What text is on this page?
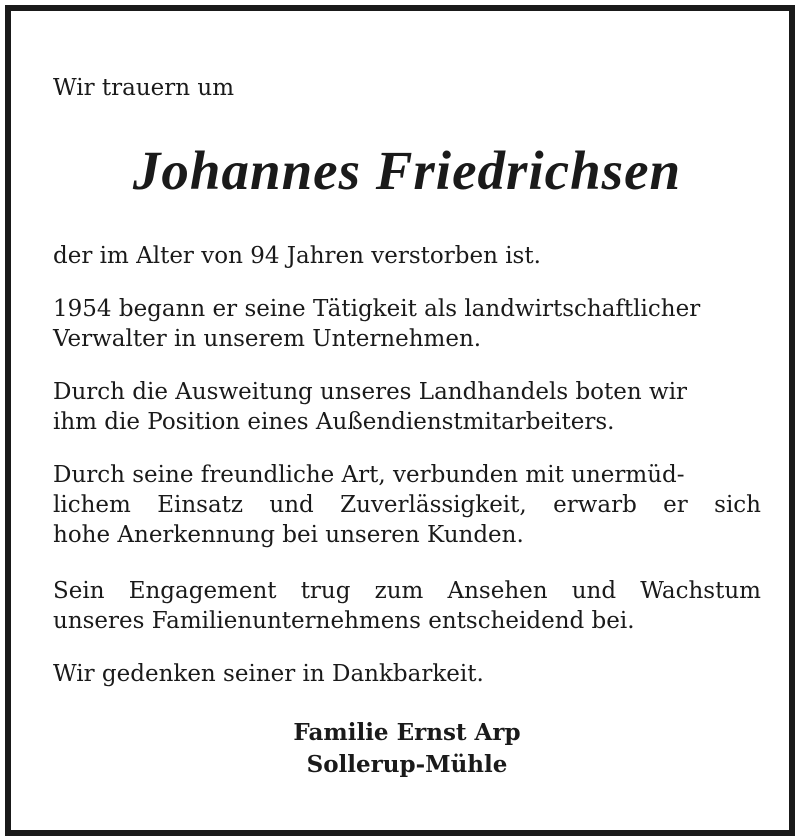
Wir trauern um

Johannes Friedrichsen

der im Alter von 94 Jahren verstorben ist.

1954 begann er seine Tätigkeit als landwirtschaftlicher
Verwalter in unserem Unternehmen.

Durch die Ausweitung unseres Landhandels boten wir
ihm die Position eines Außendienstmitarbeiters.

Durch seine freundliche Art, verbunden mit unermüd-
lichem Einsatz und Zuverlässigkeit, erwarb er sich
hohe Anerkennung bei unseren Kunden.

Sein Engagement trug zum Ansehen und Wachstum
unseres Familienunternehmens entscheidend bei.

Wir gedenken seiner in Dankbarkeit.

Familie Ernst Arp
Sollerup-Mühle
